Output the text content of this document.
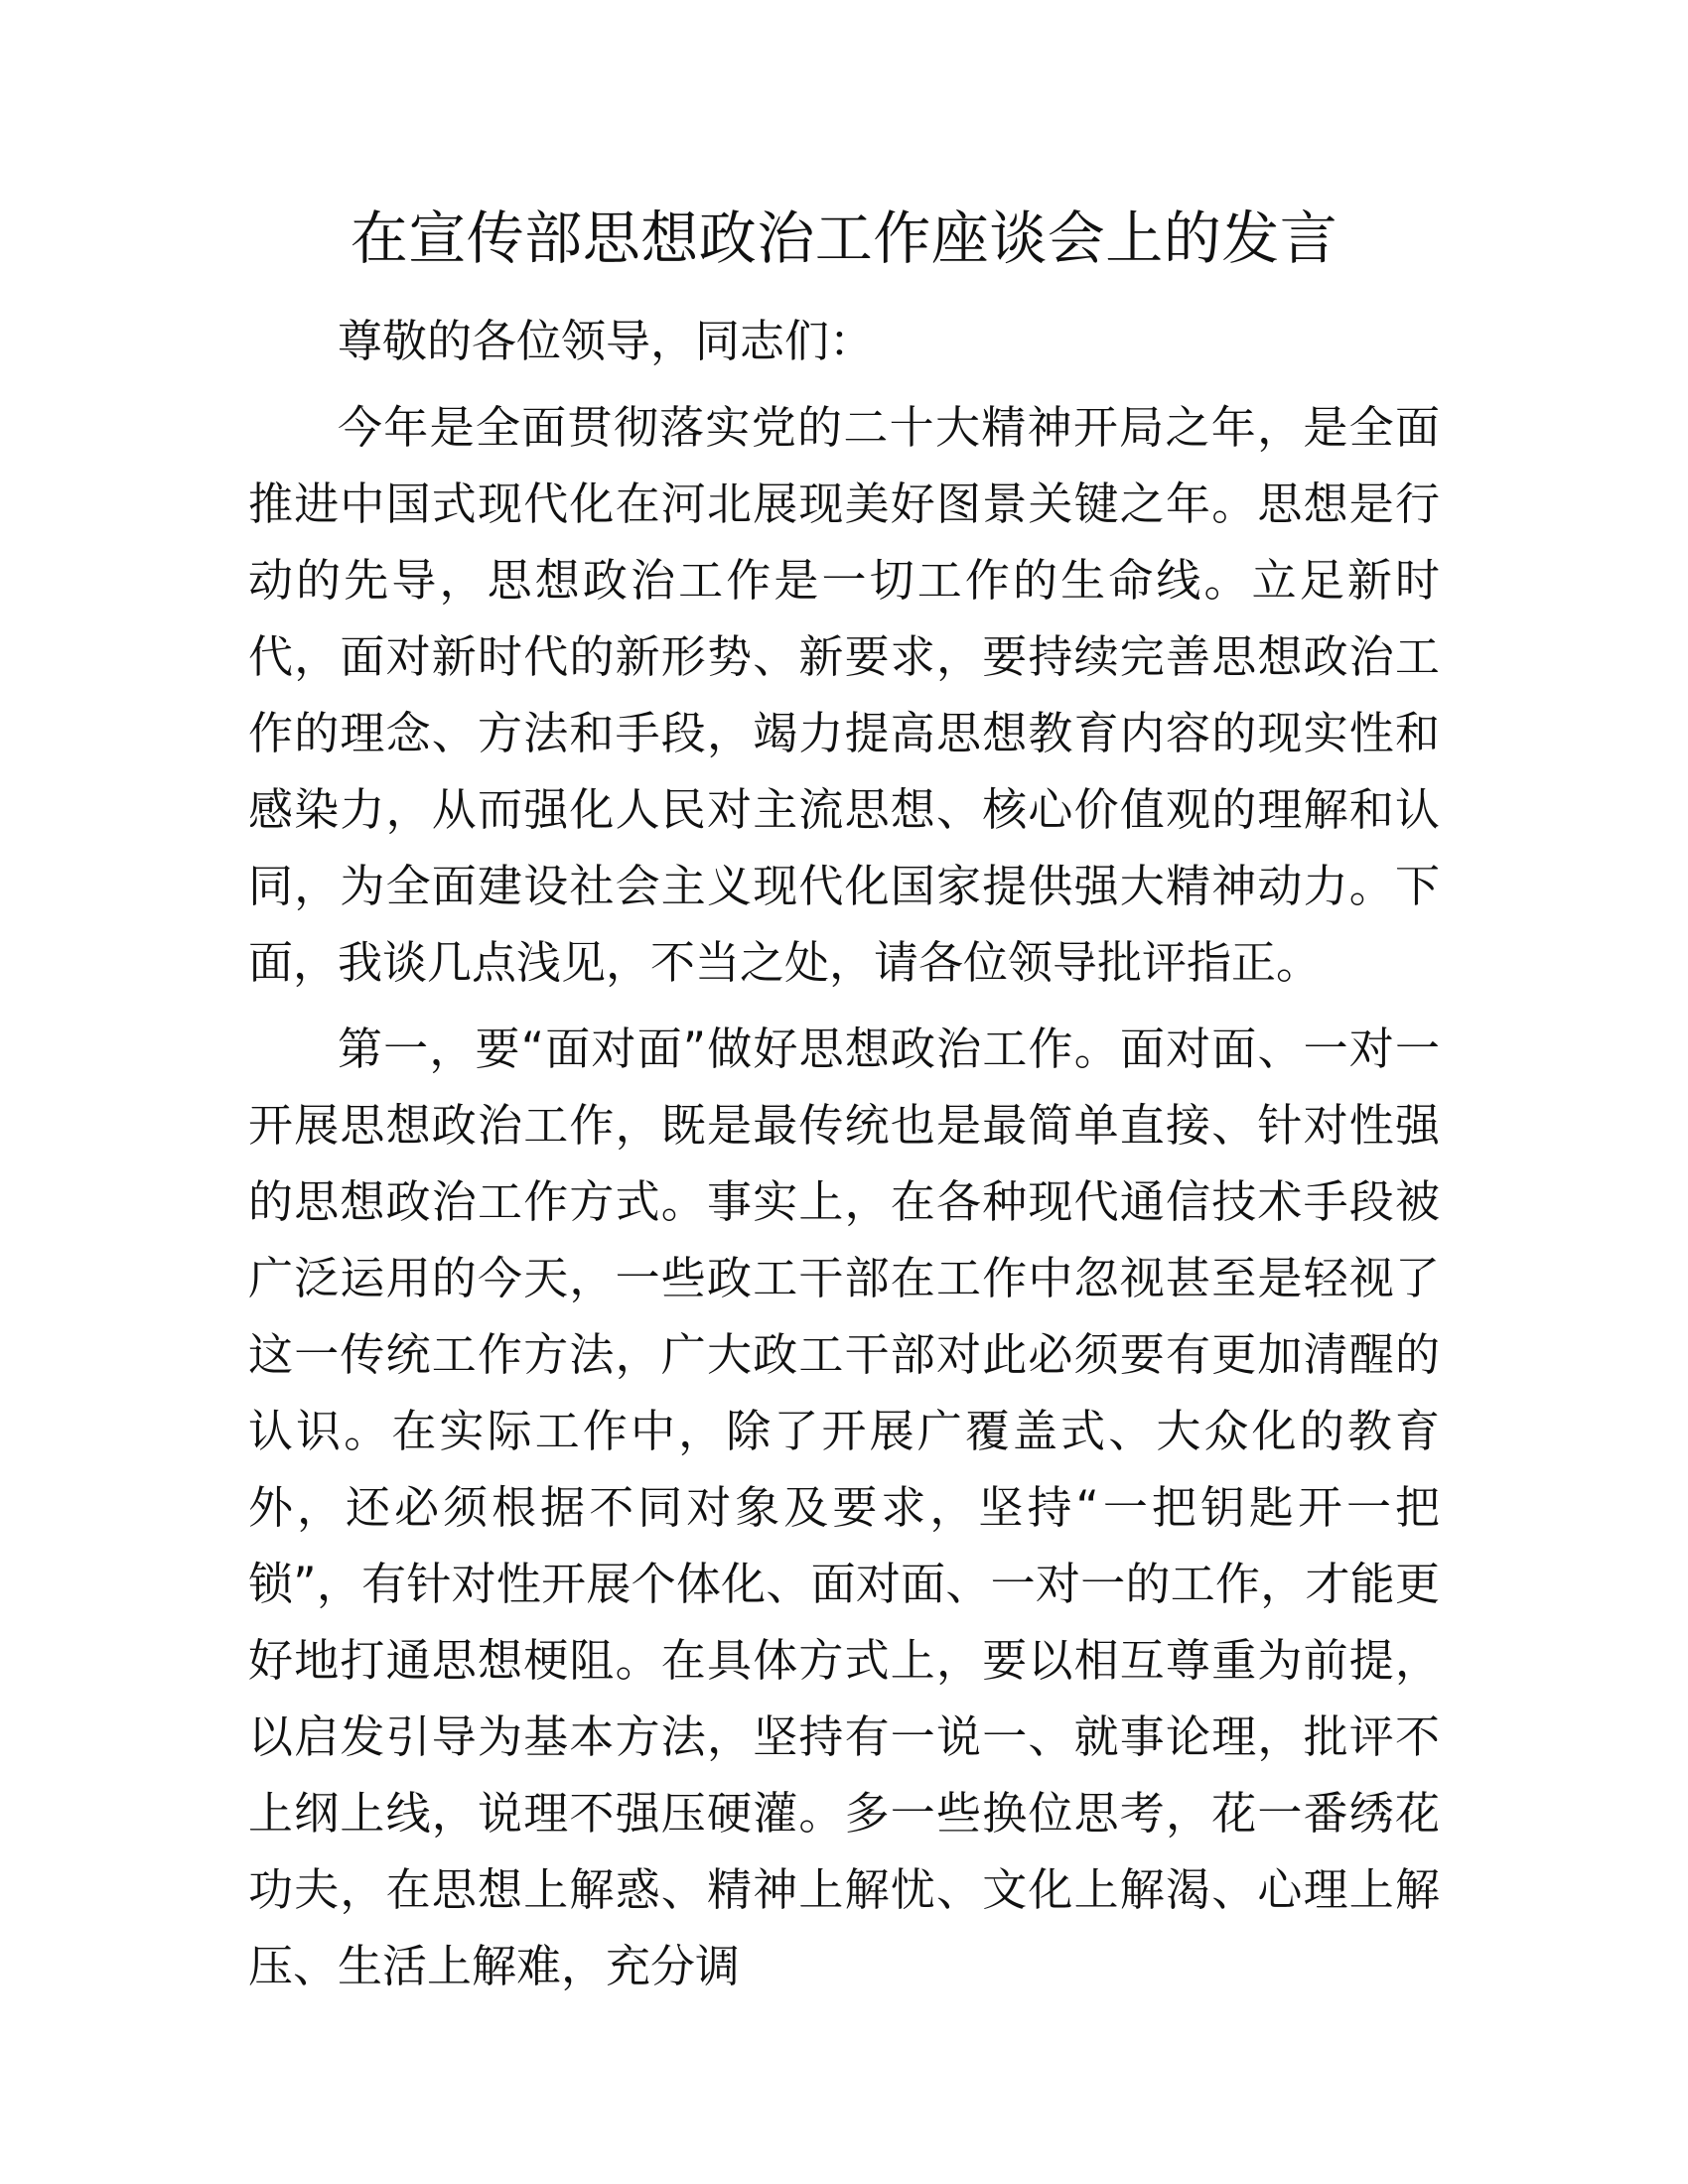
在宣传部思想政治工作座谈会上的发言

尊敬的各位领导，同志们：

今年是全面贯彻落实党的二十大精神开局之年，是全面推进中国式现代化在河北展现美好图景关键之年。思想是行动的先导，思想政治工作是一切工作的生命线。立足新时代，面对新时代的新形势、新要求，要持续完善思想政治工作的理念、方法和手段，竭力提高思想教育内容的现实性和感染力，从而强化人民对主流思想、核心价值观的理解和认同，为全面建设社会主义现代化国家提供强大精神动力。下面，我谈几点浅见，不当之处，请各位领导批评指正。

第一，要“面对面”做好思想政治工作。面对面、一对一开展思想政治工作，既是最传统也是最简单直接、针对性强的思想政治工作方式。事实上，在各种现代通信技术手段被广泛运用的今天，一些政工干部在工作中忽视甚至是轻视了这一传统工作方法，广大政工干部对此必须要有更加清醒的认识。在实际工作中，除了开展广覆盖式、大众化的教育外，还必须根据不同对象及要求，坚持“一把钥匙开一把锁”，有针对性开展个体化、面对面、一对一的工作，才能更好地打通思想梗阻。在具体方式上，要以相互尊重为前提，以启发引导为基本方法，坚持有一说一、就事论理，批评不上纲上线，说理不强压硬灌。多一些换位思考，花一番绣花功夫，在思想上解惑、精神上解忧、文化上解渴、心理上解压、生活上解难，充分调
